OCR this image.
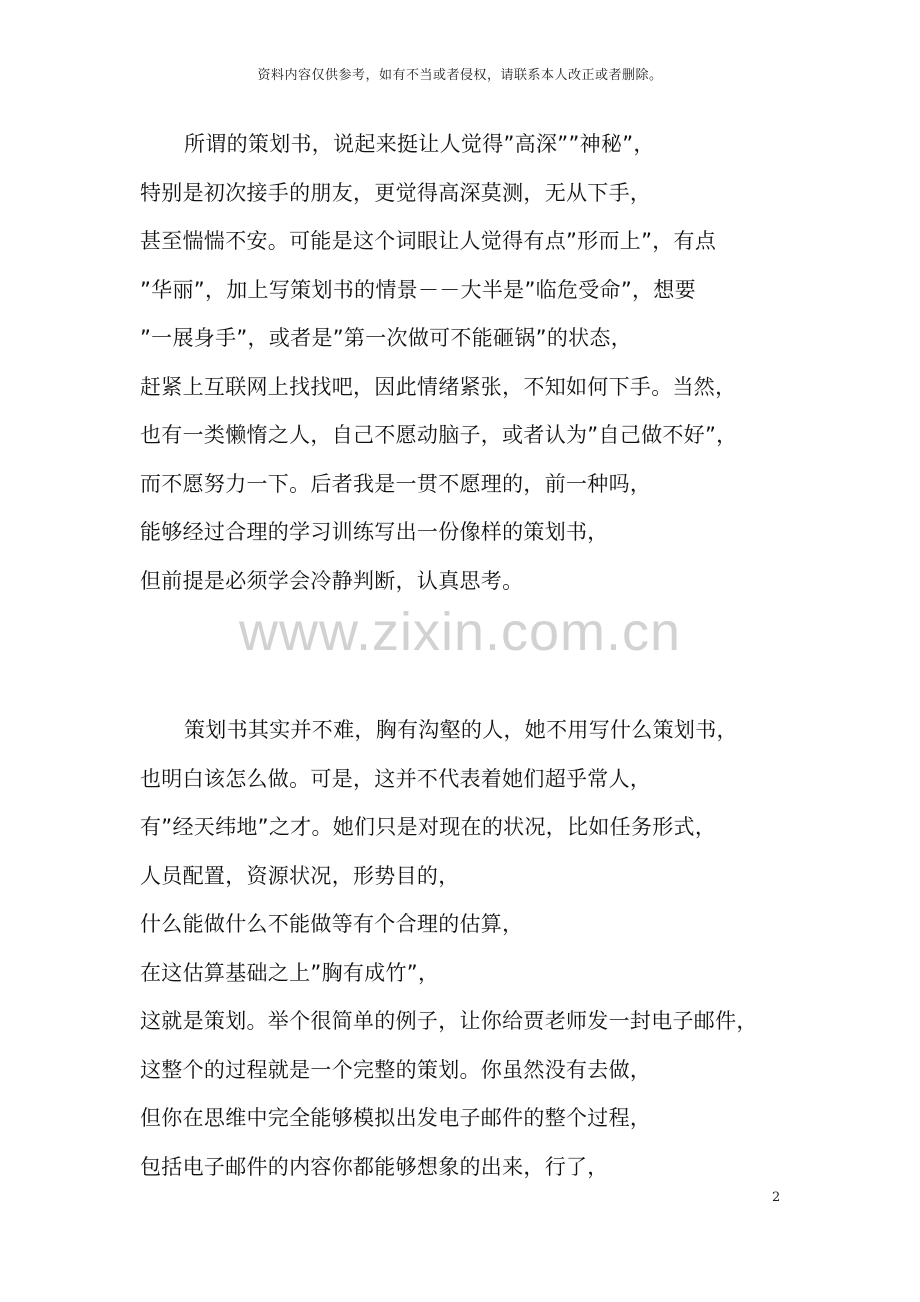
资料内容仅供参考，如有不当或者侵权，请联系本人改正或者删除。
所谓的策划书，说起来挺让人觉得”高深””神秘”，
特别是初次接手的朋友，更觉得高深莫测，无从下手，
甚至惴惴不安。可能是这个词眼让人觉得有点”形而上”，有点
”华丽”，加上写策划书的情景－－大半是”临危受命”，想要
”一展身手”，或者是”第一次做可不能砸锅”的状态，
赶紧上互联网上找找吧，因此情绪紧张，不知如何下手。当然，
也有一类懒惰之人，自己不愿动脑子，或者认为”自己做不好”，
而不愿努力一下。后者我是一贯不愿理的，前一种吗，
能够经过合理的学习训练写出一份像样的策划书，
但前提是必须学会冷静判断，认真思考。
策划书其实并不难，胸有沟壑的人，她不用写什么策划书，
也明白该怎么做。可是，这并不代表着她们超乎常人，
有”经天纬地”之才。她们只是对现在的状况，比如任务形式，
人员配置，资源状况，形势目的，
什么能做什么不能做等有个合理的估算，
在这估算基础之上”胸有成竹”，
这就是策划。举个很简单的例子，让你给贾老师发一封电子邮件，
这整个的过程就是一个完整的策划。你虽然没有去做，
但你在思维中完全能够模拟出发电子邮件的整个过程，
包括电子邮件的内容你都能够想象的出来，行了，
www.zixin.com.cn
2
